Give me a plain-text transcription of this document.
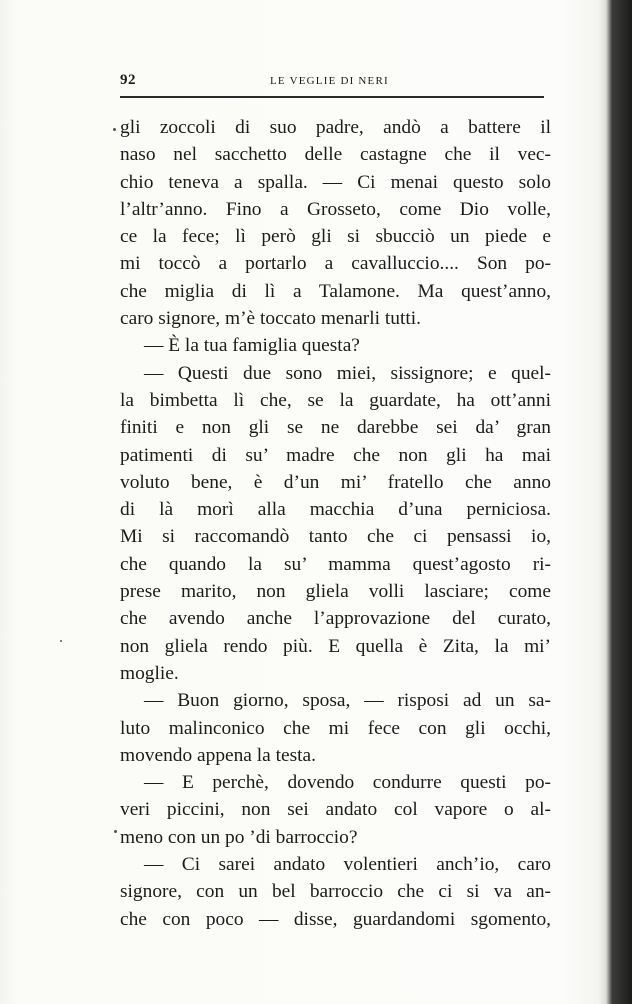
92	LE VEGLIE DI NERI
gli zoccoli di suo padre, andò a battere il
naso nel sacchetto delle castagne che il vec-
chio teneva a spalla. — Ci menai questo solo
l’altr’anno. Fino a Grosseto, come Dio volle,
ce la fece; lì però gli si sbucciò un piede e
mi toccò a portarlo a cavalluccio.... Son po-
che miglia di lì a Talamone. Ma quest’anno,
caro signore, m’è toccato menarli tutti.
— È la tua famiglia questa?
— Questi due sono miei, sissignore; e quel-
la bimbetta lì che, se la guardate, ha ott’anni
finiti e non gli se ne darebbe sei da’ gran
patimenti di su’ madre che non gli ha mai
voluto bene, è d’un mi’ fratello che anno
di là morì alla macchia d’una perniciosa.
Mi si raccomandò tanto che ci pensassi io,
che quando la su’ mamma quest’agosto ri-
prese marito, non gliela volli lasciare; come
che avendo anche l’approvazione del curato,
non gliela rendo più. E quella è Zita, la mi’
moglie.
— Buon giorno, sposa, — risposi ad un sa-
luto malinconico che mi fece con gli occhi,
movendo appena la testa.
— E perchè, dovendo condurre questi po-
veri piccini, non sei andato col vapore o al-
meno con un po ’di barroccio?
— Ci sarei andato volentieri anch’io, caro
signore, con un bel barroccio che ci si va an-
che con poco — disse, guardandomi sgomento,
